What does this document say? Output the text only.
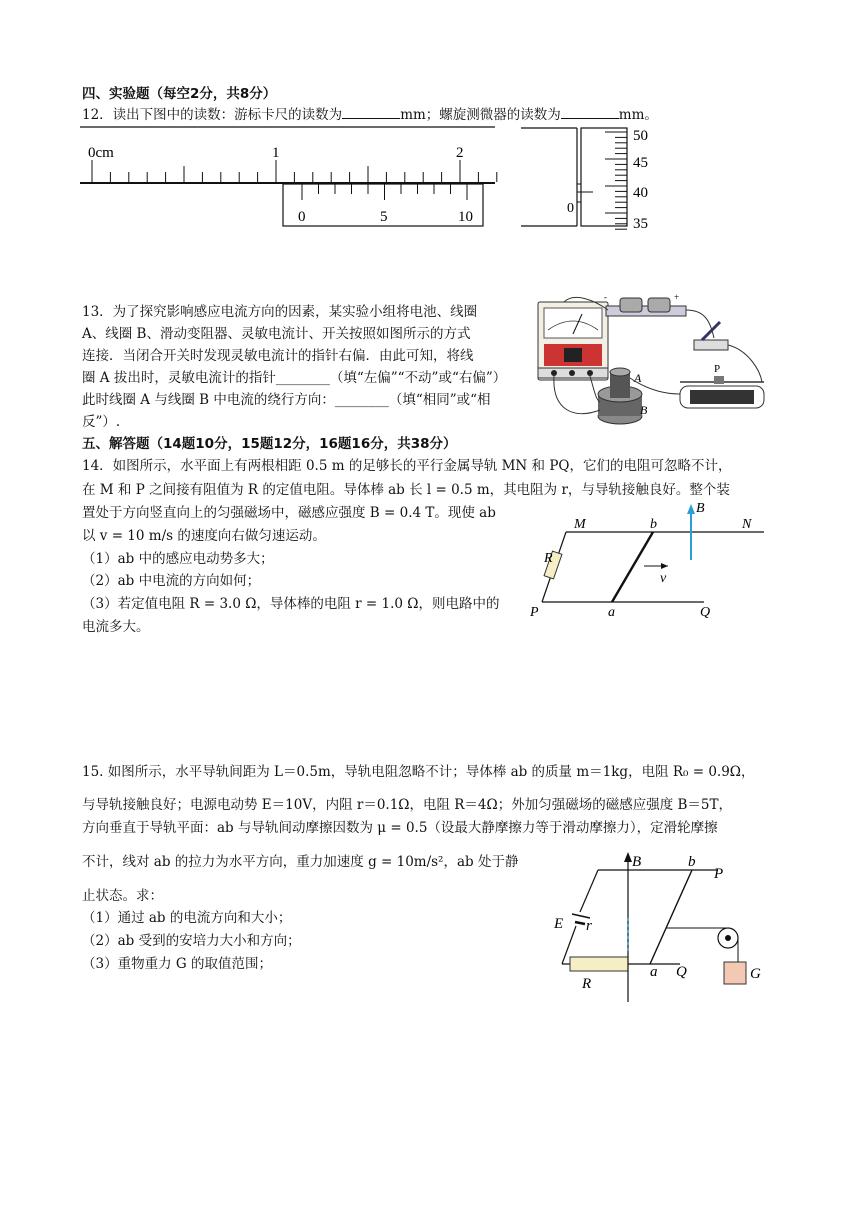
四、实验题（每空2分，共8分）
12．读出下图中的读数：游标卡尺的读数为	mm；螺旋测微器的读数为	mm。
0cm	1	2
0	5	10
0
50
45
40
35
13．为了探究影响感应电流方向的因素，某实验小组将电池、线圈
A、线圈 B、滑动变阻器、灵敏电流计、开关按照如图所示的方式
连接．当闭合开关时发现灵敏电流计的指针右偏．由此可知，将线
圈 A 拔出时，灵敏电流计的指针________（填“左偏”“不动”或“右偏”）
此时线圈 A 与线圈 B 中电流的绕行方向：________（填“相同”或“相
反”）.
-	+
P
A
B
五、解答题（14题10分，15题12分，16题16分，共38分）
14．如图所示，水平面上有两根相距 0.5 m 的足够长的平行金属导轨 MN 和 PQ，它们的电阻可忽略不计，
在 M 和 P 之间接有阻值为 R 的定值电阻。导体棒 ab 长 l = 0.5 m，其电阻为 r，与导轨接触良好。整个装
置处于方向竖直向上的匀强磁场中，磁感应强度 B = 0.4 T。现使 ab
以 v = 10 m/s 的速度向右做匀速运动。
（1）ab 中的感应电动势多大；
（2）ab 中电流的方向如何；
（3）若定值电阻 R = 3.0 Ω，导体棒的电阻 r = 1.0 Ω，则电路中的
电流多大。
M	N
P	Q
a
b
B
R
v
15. 如图所示，水平导轨间距为 L＝0.5m，导轨电阻忽略不计；导体棒 ab 的质量 m＝1kg，电阻 R₀ = 0.9Ω，
与导轨接触良好；电源电动势 E＝10V，内阻 r＝0.1Ω，电阻 R＝4Ω；外加匀强磁场的磁感应强度 B＝5T，
方向垂直于导轨平面：ab 与导轨间动摩擦因数为 μ = 0.5（设最大静摩擦力等于滑动摩擦力），定滑轮摩擦
不计，线对 ab 的拉力为水平方向，重力加速度 g = 10m/s²，ab 处于静
止状态。求：
（1）通过 ab 的电流方向和大小；
（2）ab 受到的安培力大小和方向；
（3）重物重力 G 的取值范围；
B	b
P
E r
R
a Q	G
